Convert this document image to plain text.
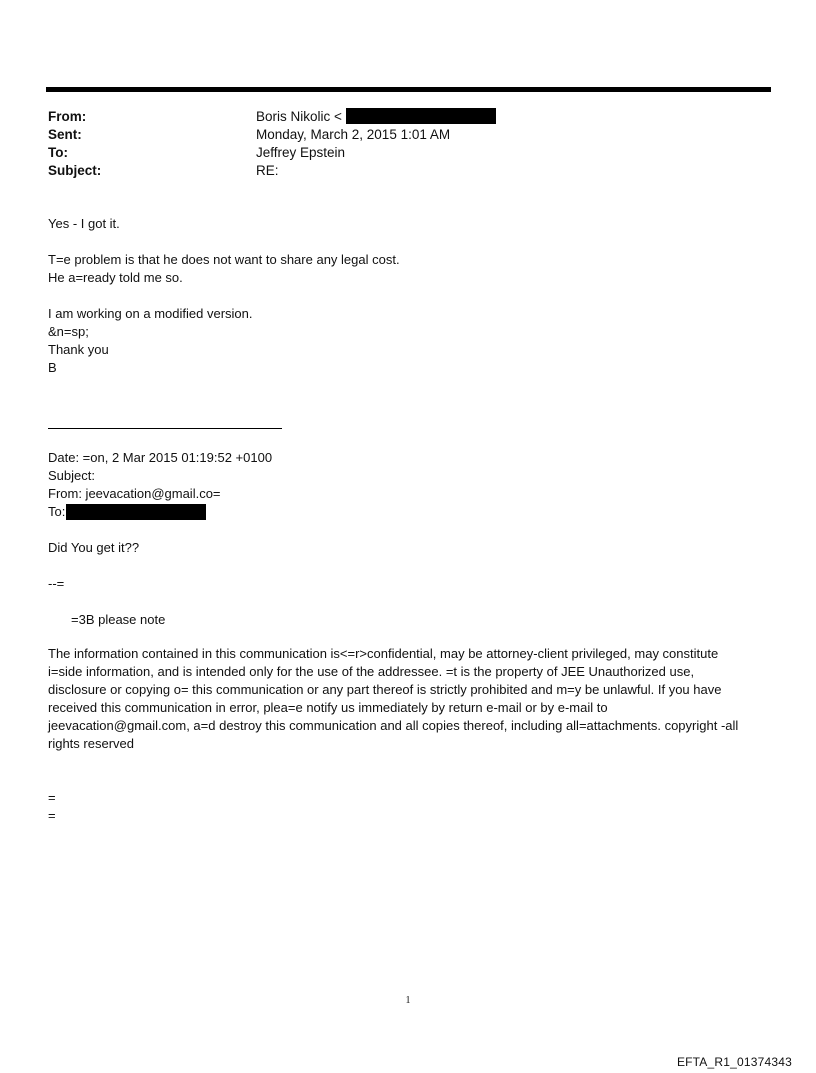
From:	Boris Nikolic <
Sent:	Monday, March 2, 2015 1:01 AM
To:	Jeffrey Epstein
Subject:	RE:
Yes - I got it.
T=e problem is that he does not want to share any legal cost.
He a=ready told me so.
I am working on a modified version.
&n=sp;
Thank you
B
Date: =on, 2 Mar 2015 01:19:52 +0100
Subject:
From: jeevacation@gmail.co=
To:
Did You get it??
--=
=3B please note
The information contained in this communication is<=r>confidential, may be attorney-client privileged, may constitute
i=side information, and is intended only for the use of the addressee. =t is the property of JEE Unauthorized use,
disclosure or copying o= this communication or any part thereof is strictly prohibited and m=y be unlawful. If you have
received this communication in error, plea=e notify us immediately by return e-mail or by e-mail to
jeevacation@gmail.com, a=d destroy this communication and all copies thereof, including all=attachments. copyright -all
rights reserved
=
=
1
EFTA_R1_01374343
